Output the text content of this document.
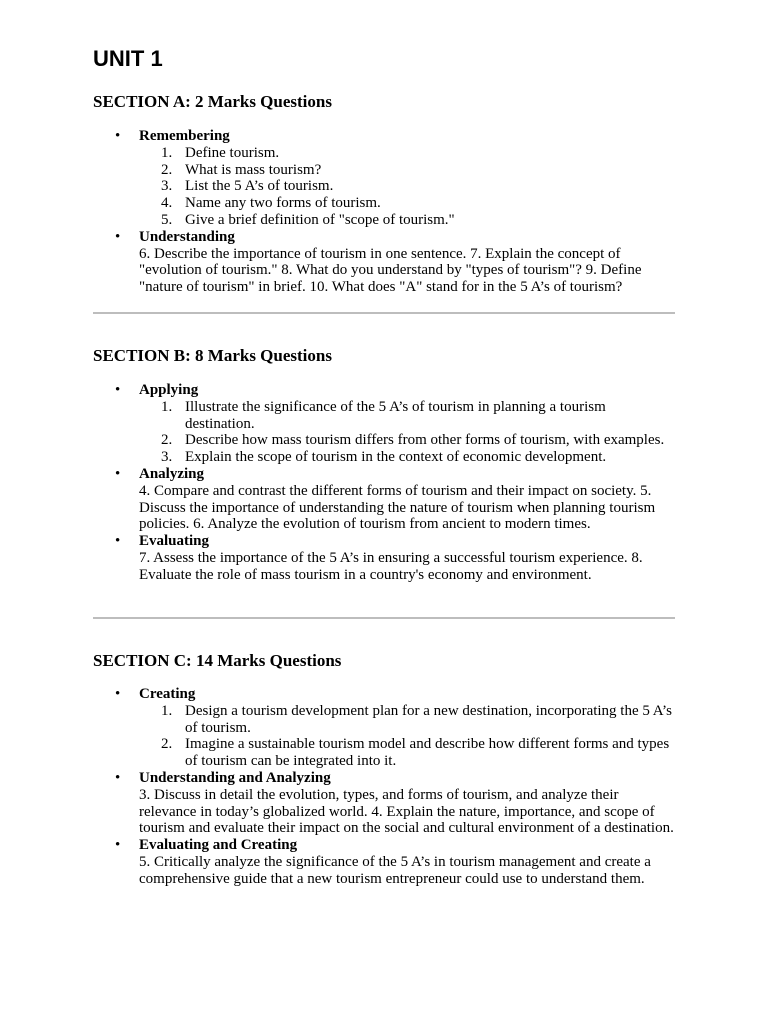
UNIT 1
SECTION A: 2 Marks Questions
• Remembering
1. Define tourism.
2. What is mass tourism?
3. List the 5 A’s of tourism.
4. Name any two forms of tourism.
5. Give a brief definition of "scope of tourism."
• Understanding
6. Describe the importance of tourism in one sentence. 7. Explain the concept of "evolution of tourism." 8. What do you understand by "types of tourism"? 9. Define "nature of tourism" in brief. 10. What does "A" stand for in the 5 A’s of tourism?
SECTION B: 8 Marks Questions
• Applying
1. Illustrate the significance of the 5 A’s of tourism in planning a tourism destination.
2. Describe how mass tourism differs from other forms of tourism, with examples.
3. Explain the scope of tourism in the context of economic development.
• Analyzing
4. Compare and contrast the different forms of tourism and their impact on society. 5. Discuss the importance of understanding the nature of tourism when planning tourism policies. 6. Analyze the evolution of tourism from ancient to modern times.
• Evaluating
7. Assess the importance of the 5 A’s in ensuring a successful tourism experience. 8. Evaluate the role of mass tourism in a country's economy and environment.
SECTION C: 14 Marks Questions
• Creating
1. Design a tourism development plan for a new destination, incorporating the 5 A’s of tourism.
2. Imagine a sustainable tourism model and describe how different forms and types of tourism can be integrated into it.
• Understanding and Analyzing
3. Discuss in detail the evolution, types, and forms of tourism, and analyze their relevance in today’s globalized world. 4. Explain the nature, importance, and scope of tourism and evaluate their impact on the social and cultural environment of a destination.
• Evaluating and Creating
5. Critically analyze the significance of the 5 A’s in tourism management and create a comprehensive guide that a new tourism entrepreneur could use to understand them.
